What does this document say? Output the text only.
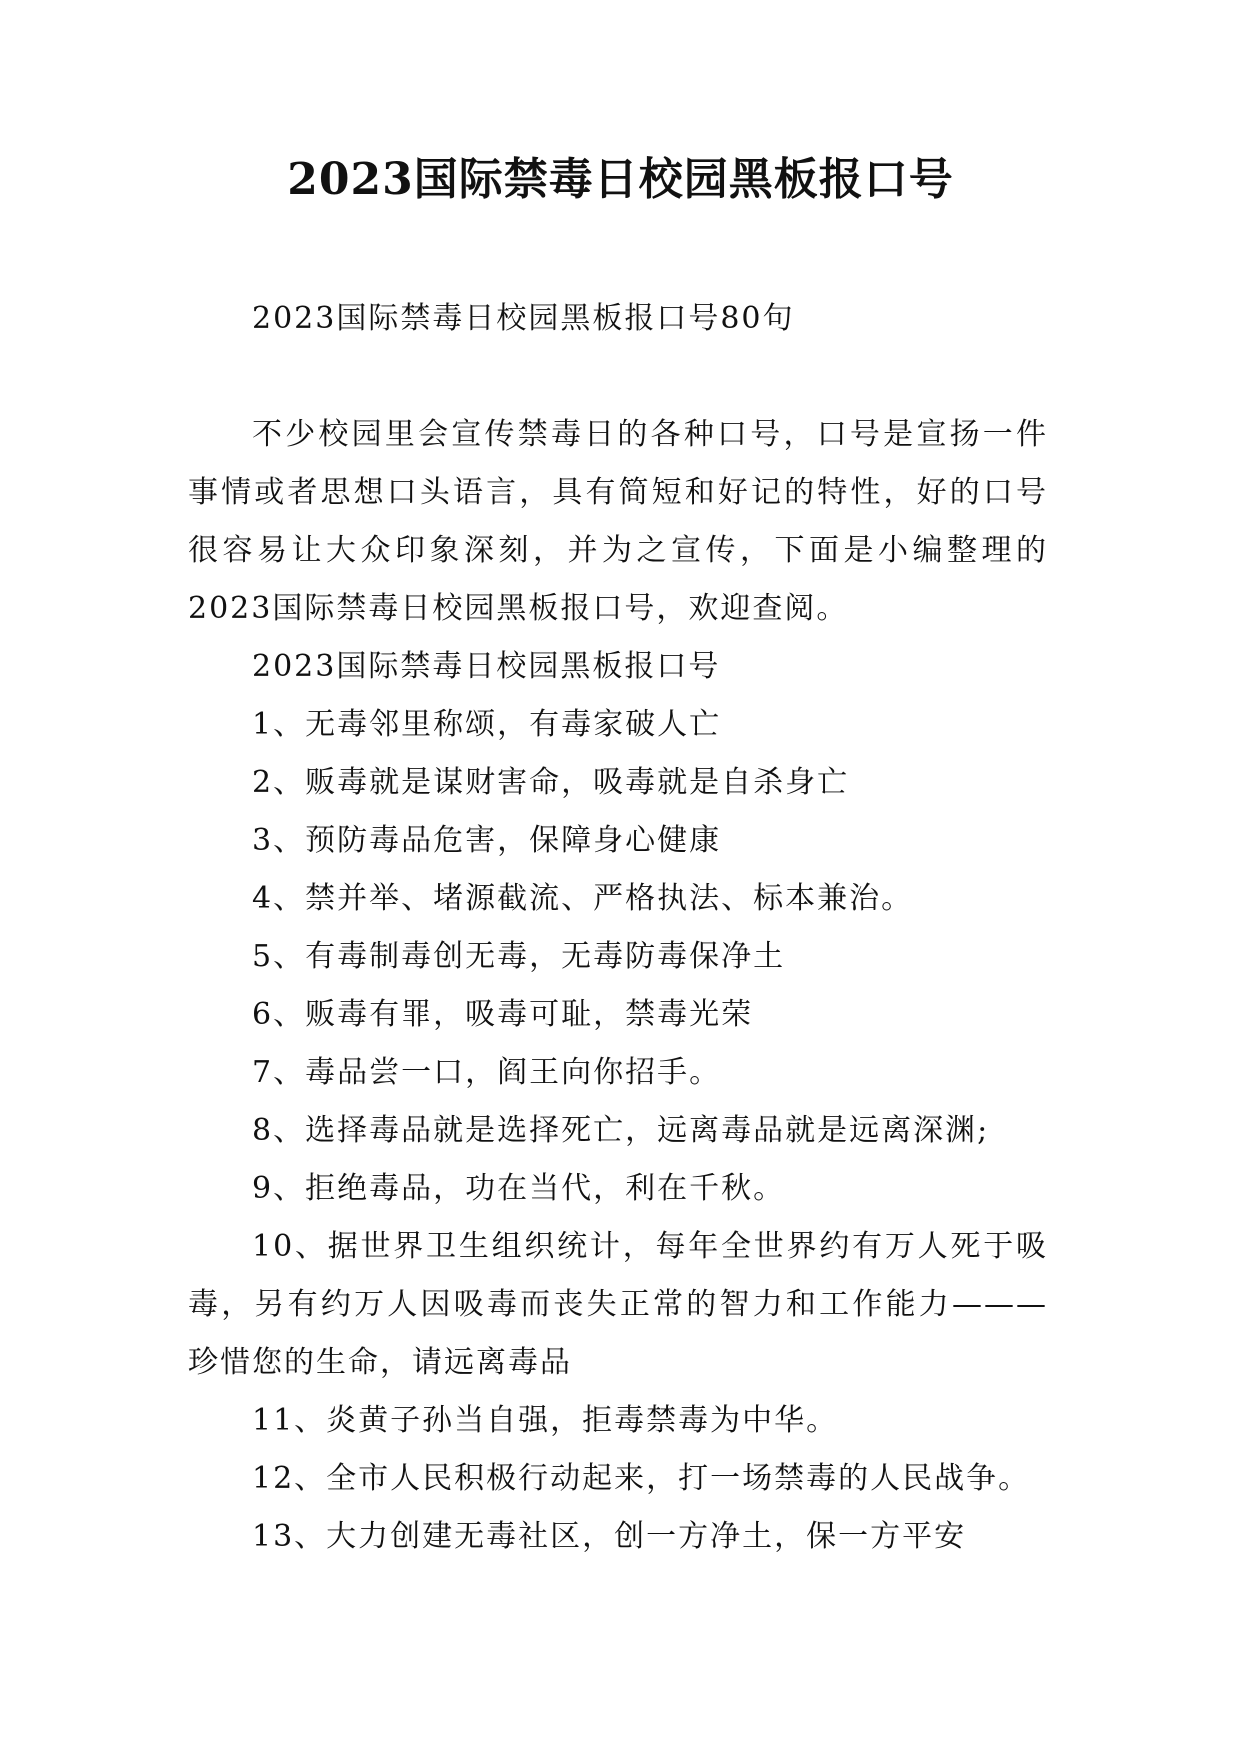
2023国际禁毒日校园黑板报口号

2023国际禁毒日校园黑板报口号80句

不少校园里会宣传禁毒日的各种口号，口号是宣扬一件事情或者思想口头语言，具有简短和好记的特性，好的口号很容易让大众印象深刻，并为之宣传，下面是小编整理的2023国际禁毒日校园黑板报口号，欢迎查阅。

2023国际禁毒日校园黑板报口号

1、无毒邻里称颂，有毒家破人亡
2、贩毒就是谋财害命，吸毒就是自杀身亡
3、预防毒品危害，保障身心健康
4、禁并举、堵源截流、严格执法、标本兼治。
5、有毒制毒创无毒，无毒防毒保净土
6、贩毒有罪，吸毒可耻，禁毒光荣
7、毒品尝一口，阎王向你招手。
8、选择毒品就是选择死亡，远离毒品就是远离深渊;
9、拒绝毒品，功在当代，利在千秋。
10、据世界卫生组织统计，每年全世界约有万人死于吸毒，另有约万人因吸毒而丧失正常的智力和工作能力———珍惜您的生命，请远离毒品
11、炎黄子孙当自强，拒毒禁毒为中华。
12、全市人民积极行动起来，打一场禁毒的人民战争。
13、大力创建无毒社区，创一方净土，保一方平安
